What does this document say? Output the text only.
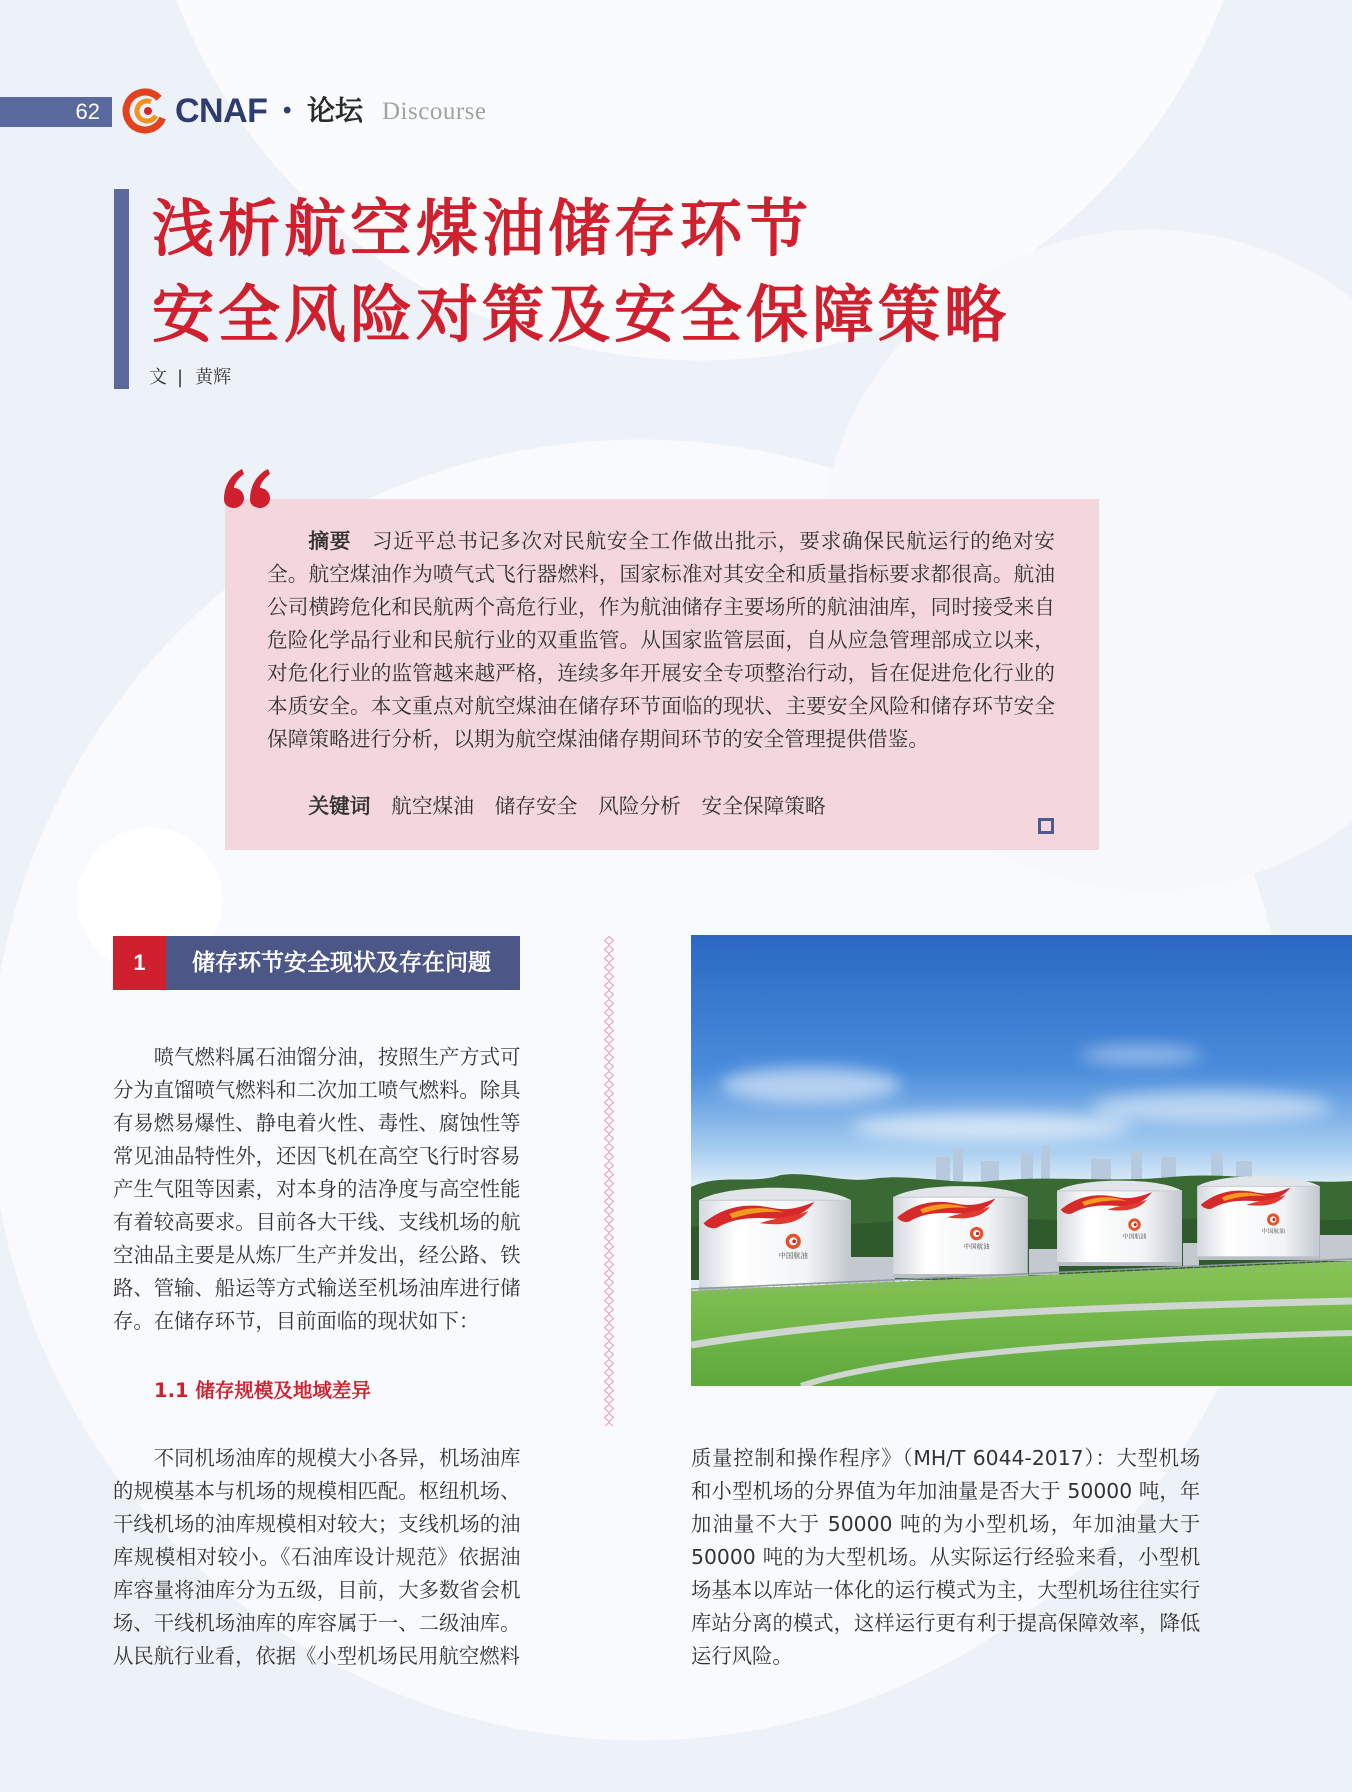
62	CNAF • 论坛 Discourse
浅析航空煤油储存环节
安全风险对策及安全保障策略
文 | 黄辉

摘要 习近平总书记多次对民航安全工作做出批示，要求确保民航运行的绝对安全。航空煤油作为喷气式飞行器燃料，国家标准对其安全和质量指标要求都很高。航油公司横跨危化和民航两个高危行业，作为航油储存主要场所的航油油库，同时接受来自危险化学品行业和民航行业的双重监管。从国家监管层面，自从应急管理部成立以来，对危化行业的监管越来越严格，连续多年开展安全专项整治行动，旨在促进危化行业的本质安全。本文重点对航空煤油在储存环节面临的现状、主要安全风险和储存环节安全保障策略进行分析，以期为航空煤油储存期间环节的安全管理提供借鉴。

关键词 航空煤油 储存安全 风险分析 安全保障策略
1	储存环节安全现状及存在问题

喷气燃料属石油馏分油，按照生产方式可分为直馏喷气燃料和二次加工喷气燃料。除具有易燃易爆性、静电着火性、毒性、腐蚀性等常见油品特性外，还因飞机在高空飞行时容易产生气阻等因素，对本身的洁净度与高空性能有着较高要求。目前各大干线、支线机场的航空油品主要是从炼厂生产并发出，经公路、铁路、管输、船运等方式输送至机场油库进行储存。在储存环节，目前面临的现状如下：

1.1 储存规模及地域差异

不同机场油库的规模大小各异，机场油库的规模基本与机场的规模相匹配。枢纽机场、干线机场的油库规模相对较大；支线机场的油库规模相对较小。《石油库设计规范》依据油库容量将油库分为五级，目前，大多数省会机场、干线机场油库的库容属于一、二级油库。从民航行业看，依据《小型机场民用航空燃料

质量控制和操作程序》（MH/T 6044-2017）：大型机场和小型机场的分界值为年加油量是否大于 50000 吨，年加油量不大于 50000 吨的为小型机场，年加油量大于 50000 吨的为大型机场。从实际运行经验来看，小型机场基本以库站一体化的运行模式为主，大型机场往往实行库站分离的模式，这样运行更有利于提高保障效率，降低运行风险。
